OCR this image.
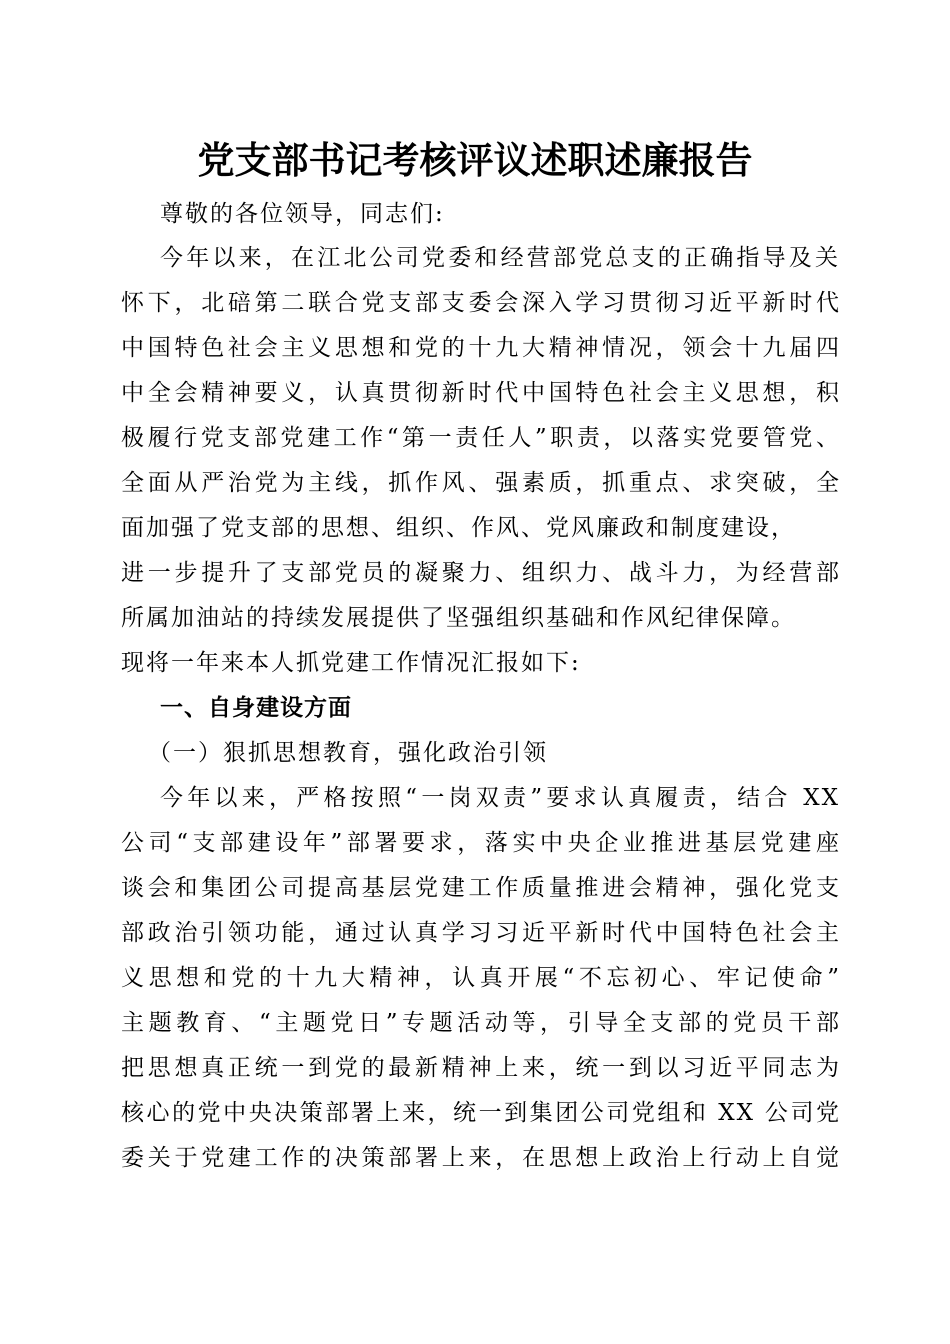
党支部书记考核评议述职述廉报告
尊敬的各位领导，同志们:
今年以来，在江北公司党委和经营部党总支的正确指导及关
怀下，北碚第二联合党支部支委会深入学习贯彻习近平新时代
中国特色社会主义思想和党的十九大精神情况，领会十九届四
中全会精神要义，认真贯彻新时代中国特色社会主义思想，积
极履行党支部党建工作“第一责任人”职责，以落实党要管党、
全面从严治党为主线，抓作风、强素质，抓重点、求突破，全
面加强了党支部的思想、组织、作风、党风廉政和制度建设，
进一步提升了支部党员的凝聚力、组织力、战斗力，为经营部
所属加油站的持续发展提供了坚强组织基础和作风纪律保障。
现将一年来本人抓党建工作情况汇报如下:
一、自身建设方面
（一）狠抓思想教育，强化政治引领
今年以来，严格按照“一岗双责”要求认真履责，结合 XX
公司“支部建设年”部署要求，落实中央企业推进基层党建座
谈会和集团公司提高基层党建工作质量推进会精神，强化党支
部政治引领功能，通过认真学习习近平新时代中国特色社会主
义思想和党的十九大精神，认真开展“不忘初心、牢记使命”
主题教育、“主题党日”专题活动等，引导全支部的党员干部
把思想真正统一到党的最新精神上来，统一到以习近平同志为
核心的党中央决策部署上来，统一到集团公司党组和 XX 公司党
委关于党建工作的决策部署上来，在思想上政治上行动上自觉
